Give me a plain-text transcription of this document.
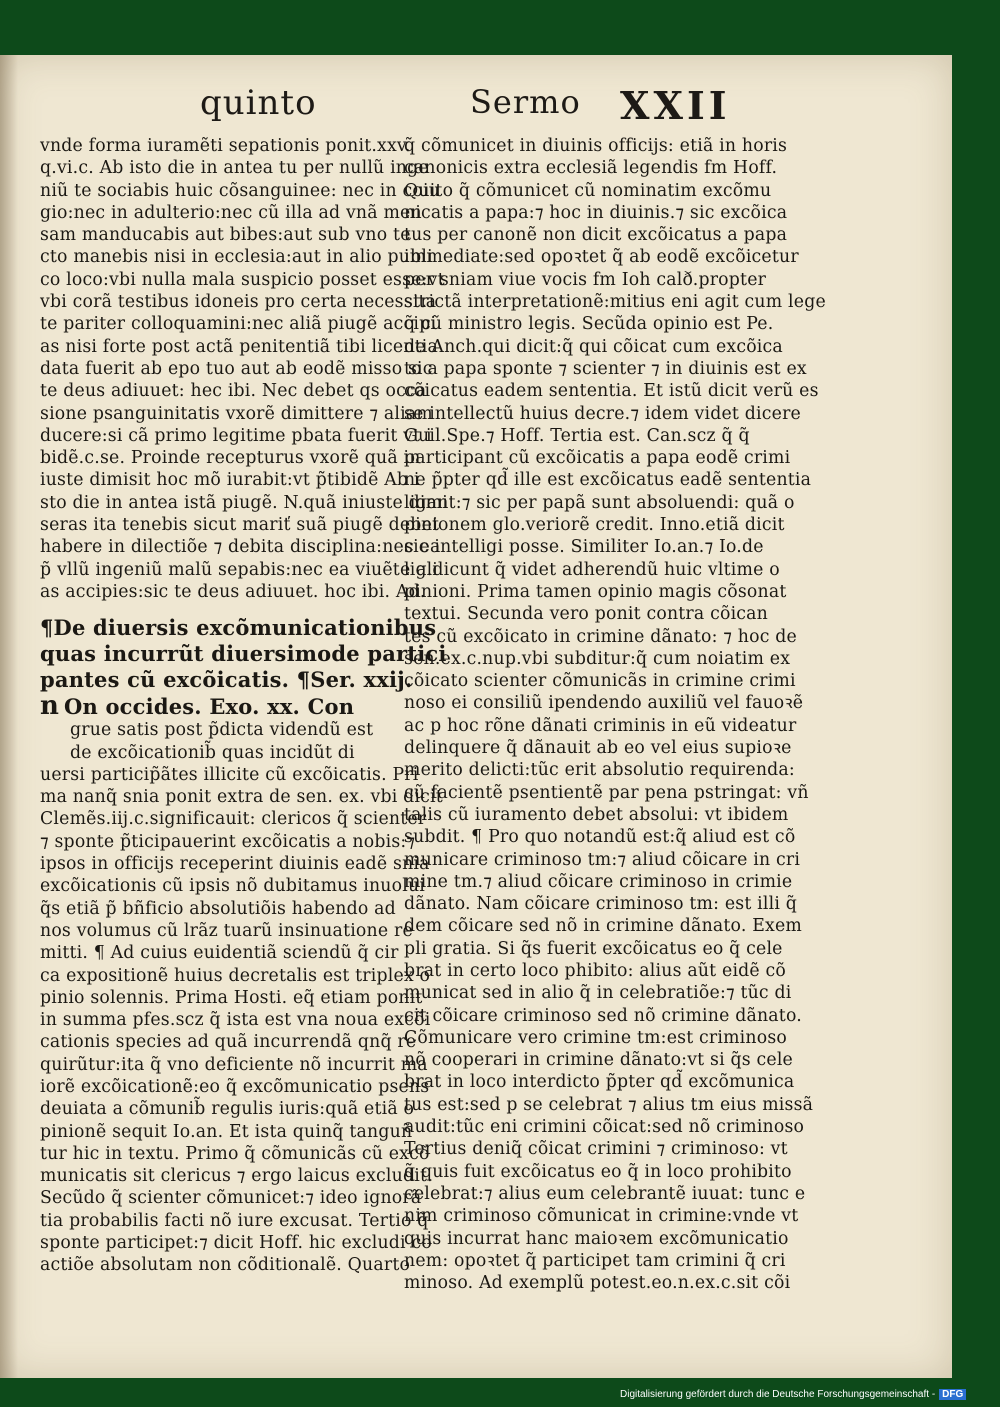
quinto	Sermo XXII
vnde forma iuramẽti sepationis ponit.xxv.
q.vi.c. Ab isto die in antea tu per nullũ inge
niũ te sociabis huic cõsanguinee: nec in coiu
gio:nec in adulterio:nec cũ illa ad vnã men
sam manducabis aut bibes:aut sub vno te
cto manebis nisi in ecclesia:aut in alio publi
co loco:vbi nulla mala suspicio posset esse:vt
vbi corã testibus idoneis pro certa necessita
te pariter colloquamini:nec aliã piugẽ accipi
as nisi forte post actã penitentiã tibi licentia
data fuerit ab epo tuo aut ab eodẽ misso sic
te deus adiuuet: hec ibi. Nec debet qs occa
sione psanguinitatis vxorẽ dimittere ⁊ aliam
ducere:si cã primo legitime pbata fuerit vt i
bidẽ.c.se. Proinde recepturus vxorẽ quã in
iuste dimisit hoc mõ iurabit:vt p̃tibidẽ Ab i
sto die in antea istã piugẽ. N.quã iniuste dimi
seras ita tenebis sicut mariť suã piugẽ debet
habere in dilectiõe ⁊ debita disciplina:nec ea
p̃ vllũ ingeniũ malũ sepabis:nec ea viuẽte ali
as accipies:sic te deus adiuuet. hoc ibi. Ad.
¶De diuersis excõmunicationibus
quas incurrũt diuersimode partici
pantes cũ excõicatis. ¶Ser. xxij.
n On occides. Exo. xx. Con
grue satis post p̃dicta videndũ est
de excõicationib̃ quas incidũt di
uersi particip̃ãtes illicite cũ excõicatis. Pri
ma nanq̃ snia ponit extra de sen. ex. vbi dicit
Clemẽs.iij.c.significauit: clericos q̃ scienter
⁊ sponte p̃ticipauerint excõicatis a nobis:⁊
ipsos in officijs receperint diuinis eadẽ snia
excõicationis cũ ipsis nõ dubitamus inuolui
q̃s etiã p̃ bñficio absolutiõis habendo ad
nos volumus cũ lrãz tuarũ insinuatione re
mitti. ¶ Ad cuius euidentiã sciendũ q̃ cir
ca expositionẽ huius decretalis est triplex o
pinio solennis. Prima Hosti. eq̃ etiam ponit
in summa pfes.scz q̃ ista est vna noua excõi
cationis species ad quã incurrendã qnq̃ re
quirũtur:ita q̃ vno deficiente nõ incurrit ma
iorẽ excõicationẽ:eo q̃ excõmunicatio psens
deuiata a cõmunib̃ regulis iuris:quã etiã o
pinionẽ sequit Io.an. Et ista quinq̃ tanguñ
tur hic in textu. Primo q̃ cõmunicãs cũ excõ
municatis sit clericus ⁊ ergo laicus excludit.
Secũdo q̃ scienter cõmunicet:⁊ ideo ignorã
tia probabilis facti nõ iure excusat. Tertio q̃
sponte participet:⁊ dicit Hoff. hic excludi co
actiõe absolutam non cõditionalẽ. Quarto
q̃ cõmunicet in diuinis officijs: etiã in horis
canonicis extra ecclesiã legendis fm Hoff.
Quito q̃ cõmunicet cũ nominatim excõmu
nicatis a papa:⁊ hoc in diuinis.⁊ sic excõica
tus per canonẽ non dicit excõicatus a papa
immediate:sed opoꝛtet q̃ ab eodẽ excõicetur
per sniam viue vocis fm Ioh calð.propter
strictã interpretationẽ:mitius eni agit cum lege
q̃ cũ ministro legis. Secũda opinio est Pe.
de Anch.qui dicit:q̃ qui cõicat cum excõica
to a papa sponte ⁊ scienter ⁊ in diuinis est ex
cõicatus eadem sententia. Et istũ dicit verũ es
se intellectũ huius decre.⁊ idem videt dicere
Guil.Spe.⁊ Hoff. Tertia est. Can.scz q̃ q̃
participant cũ excõicatis a papa eodẽ crimi
ne p̃pter qd̃ ille est excõicatus eadẽ sententia
ligant:⁊ sic per papã sunt absoluendi: quã o
pinionem glo.veriorẽ credit. Inno.etiã dicit
sic intelligi posse. Similiter Io.an.⁊ Io.de
lig.dicunt q̃ videt adherendũ huic vltime o
pinioni. Prima tamen opinio magis cõsonat
textui. Secunda vero ponit contra cõican
tes cũ excõicato in crimine dãnato: ⁊ hoc de
sen.ex.c.nup.vbi subditur:q̃ cum noiatim ex
cõicato scienter cõmunicãs in crimine crimi
noso ei consiliũ ipendendo auxiliũ vel fauoꝛẽ
ac p hoc rõne dãnati criminis in eũ videatur
delinquere q̃ dãnauit ab eo vel eius supioꝛe
merito delicti:tũc erit absolutio requirenda:
cũ facientẽ psentientẽ par pena pstringat: vñ
talis cũ iuramento debet absolui: vt ibidem
subdit. ¶ Pro quo notandũ est:q̃ aliud est cõ
municare criminoso tm:⁊ aliud cõicare in cri
mine tm.⁊ aliud cõicare criminoso in crimie
dãnato. Nam cõicare criminoso tm: est illi q̃
dem cõicare sed nõ in crimine dãnato. Exem
pli gratia. Si q̃s fuerit excõicatus eo q̃ cele
brat in certo loco phibito: alius aũt eidẽ cõ
municat sed in alio q̃ in celebratiõe:⁊ tũc di
cit cõicare criminoso sed nõ crimine dãnato.
Cõmunicare vero crimine tm:est criminoso
nõ cooperari in crimine dãnato:vt si q̃s cele
brat in loco interdicto p̃pter qd̃ excõmunica
tus est:sed p se celebrat ⁊ alius tm eius missã
audit:tũc eni crimini cõicat:sed nõ criminoso
Tertius deniq̃ cõicat crimini ⁊ criminoso: vt
q̃ quis fuit excõicatus eo q̃ in loco prohibito
celebrat:⁊ alius eum celebrantẽ iuuat: tunc e
nim criminoso cõmunicat in crimine:vnde vt
quis incurrat hanc maioꝛem excõmunicatio
nem: opoꝛtet q̃ participet tam crimini q̃ cri
minoso. Ad exemplũ potest.eo.n.ex.c.sit cõi
Digitalisierung gefördert durch die Deutsche Forschungsgemeinschaft - DFG
